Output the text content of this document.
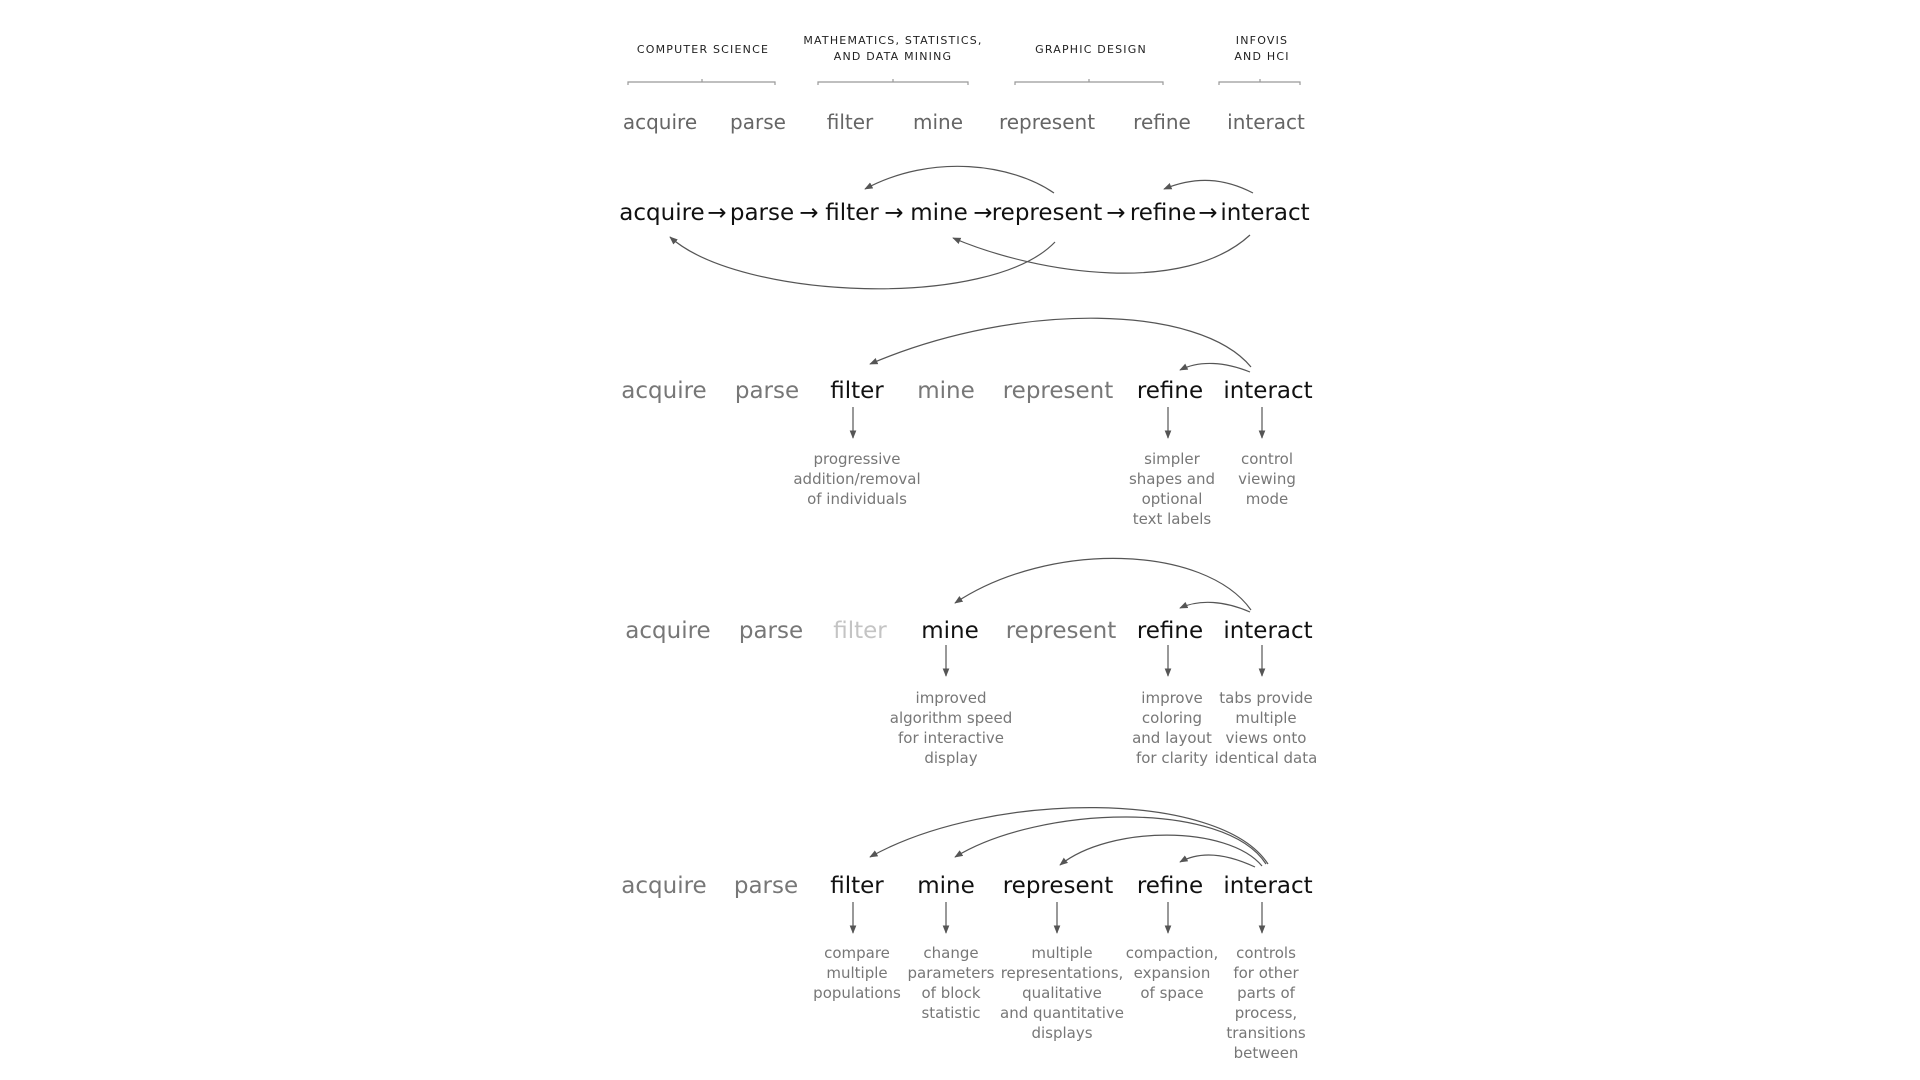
COMPUTER SCIENCE
MATHEMATICS, STATISTICS,
AND DATA MINING
GRAPHIC DESIGN
INFOVIS
AND HCI
acquire parse filter mine represent refine interact
acquire → parse → filter → mine → represent → refine → interact
acquire parse filter mine represent refine interact
progressive
addition/removal
of individuals
simpler
shapes and
optional
text labels
control
viewing
mode
acquire parse filter mine represent refine interact
improved
algorithm speed
for interactive
display
improve
coloring
and layout
for clarity
tabs provide
multiple
views onto
identical data
acquire parse filter mine represent refine interact
compare
multiple
populations
change
parameters
of block
statistic
multiple
representations,
qualitative
and quantitative
displays
compaction,
expansion
of space
controls
for other
parts of
process,
transitions
between
